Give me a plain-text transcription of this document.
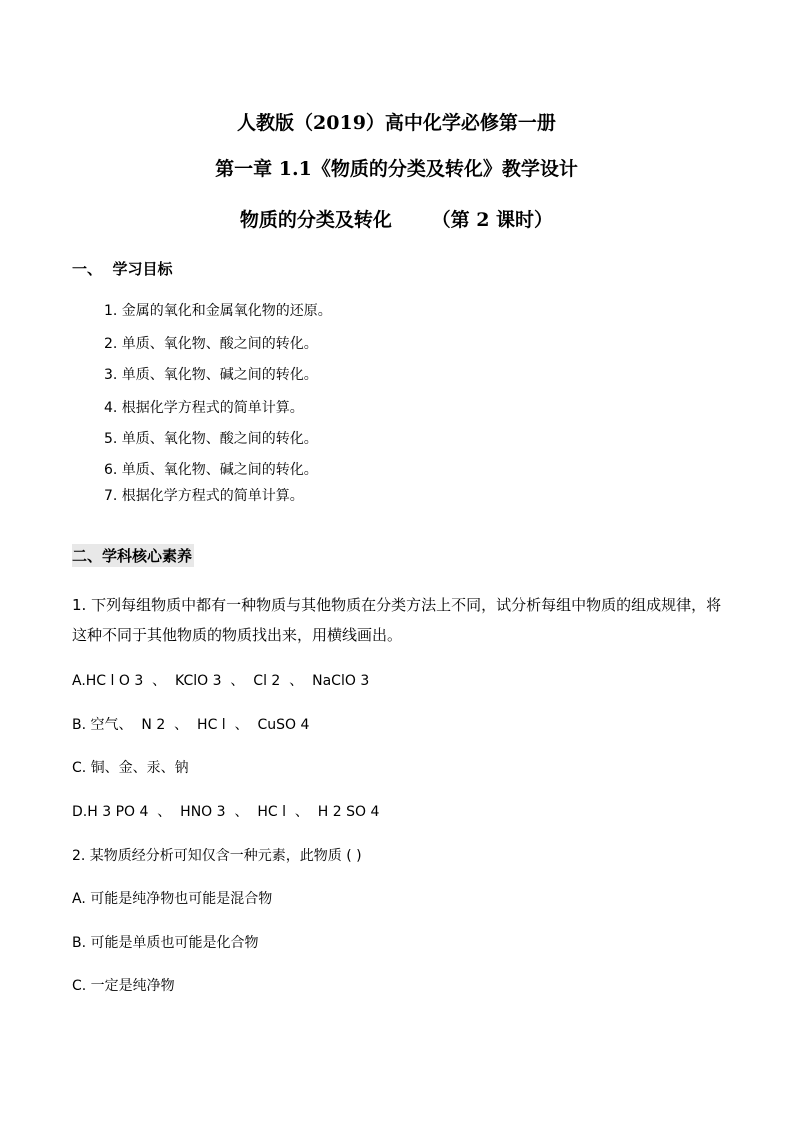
人教版（2019）高中化学必修第一册
第一章 1.1《物质的分类及转化》教学设计
物质的分类及转化      （第 2 课时）
一、  学习目标
1. 金属的氧化和金属氧化物的还原。
2. 单质、氧化物、酸之间的转化。
3. 单质、氧化物、碱之间的转化。
4. 根据化学方程式的简单计算。
5. 单质、氧化物、酸之间的转化。
6. 单质、氧化物、碱之间的转化。
7. 根据化学方程式的简单计算。
二、学科核心素养
1. 下列每组物质中都有一种物质与其他物质在分类方法上不同，试分析每组中物质的组成规律，将这种不同于其他物质的物质找出来，用横线画出。
A.HC l O 3  、  KClO 3  、  Cl 2  、  NaClO 3
B. 空气、  N 2  、  HC l  、  CuSO 4
C. 铜、金、汞、钠
D.H 3 PO 4  、  HNO 3  、  HC l  、  H 2 SO 4
2. 某物质经分析可知仅含一种元素，此物质 ( )
A. 可能是纯净物也可能是混合物
B. 可能是单质也可能是化合物
C. 一定是纯净物
